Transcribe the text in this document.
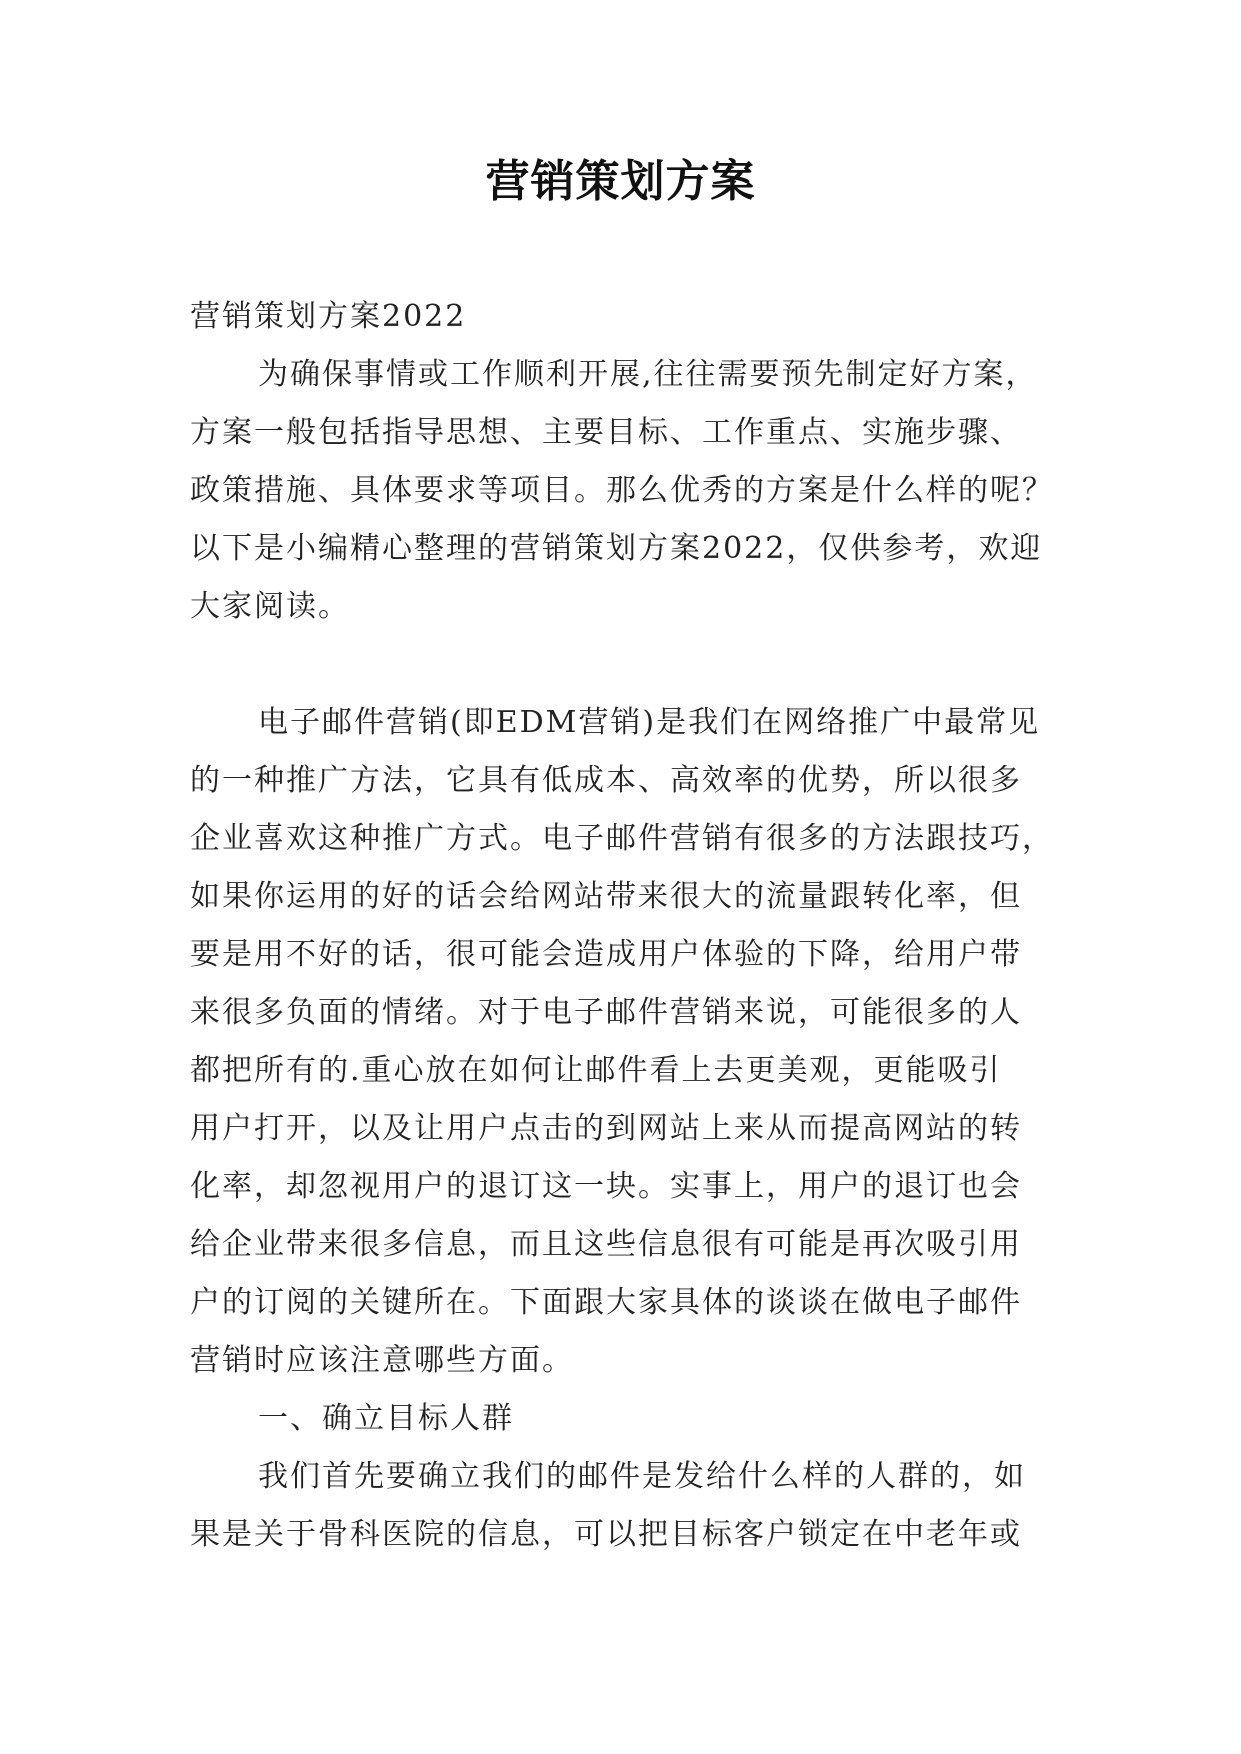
营销策划方案
营销策划方案2022
为确保事情或工作顺利开展,往往需要预先制定好方案，
方案一般包括指导思想、主要目标、工作重点、实施步骤、
政策措施、具体要求等项目。那么优秀的方案是什么样的呢？
以下是小编精心整理的营销策划方案2022，仅供参考，欢迎
大家阅读。
电子邮件营销(即EDM营销)是我们在网络推广中最常见
的一种推广方法，它具有低成本、高效率的优势，所以很多
企业喜欢这种推广方式。电子邮件营销有很多的方法跟技巧，
如果你运用的好的话会给网站带来很大的流量跟转化率，但
要是用不好的话，很可能会造成用户体验的下降，给用户带
来很多负面的情绪。对于电子邮件营销来说，可能很多的人
都把所有的.重心放在如何让邮件看上去更美观，更能吸引
用户打开，以及让用户点击的到网站上来从而提高网站的转
化率，却忽视用户的退订这一块。实事上，用户的退订也会
给企业带来很多信息，而且这些信息很有可能是再次吸引用
户的订阅的关键所在。下面跟大家具体的谈谈在做电子邮件
营销时应该注意哪些方面。
一、确立目标人群
我们首先要确立我们的邮件是发给什么样的人群的，如
果是关于骨科医院的信息，可以把目标客户锁定在中老年或
